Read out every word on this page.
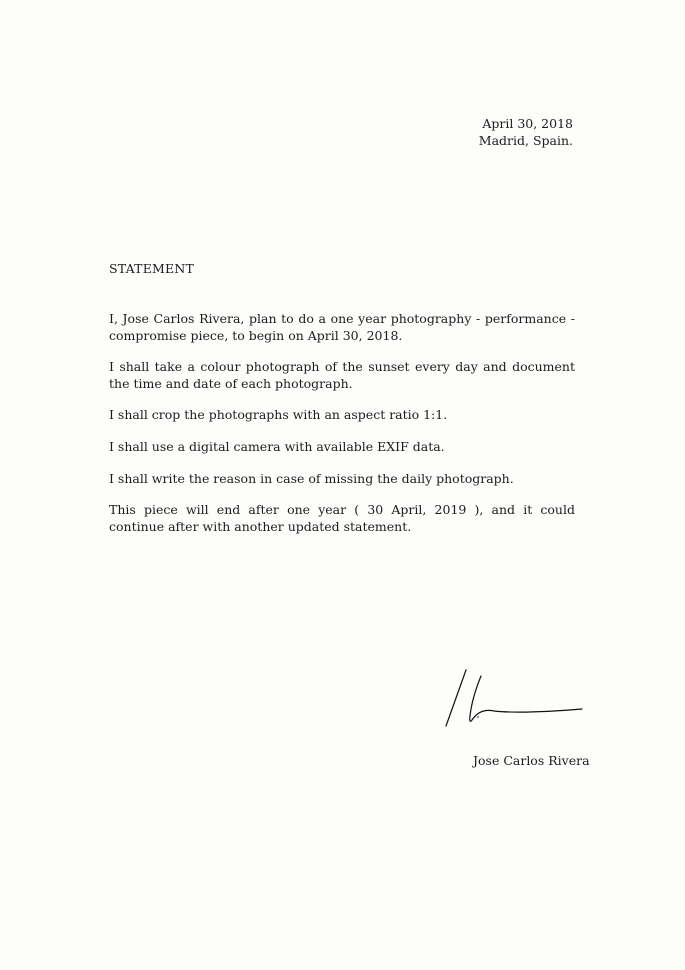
April 30, 2018
Madrid, Spain.
STATEMENT

I, Jose Carlos Rivera, plan to do a one year photography - performance - compromise piece, to begin on April 30, 2018.

I shall take a colour photograph of the sunset every day and document the time and date of each photograph.

I shall crop the photographs with an aspect ratio 1:1.

I shall use a digital camera with available EXIF data.

I shall write the reason in case of missing the daily photograph.

This piece will end after one year ( 30 April, 2019 ), and it could continue after with another updated statement.

Jose Carlos Rivera
